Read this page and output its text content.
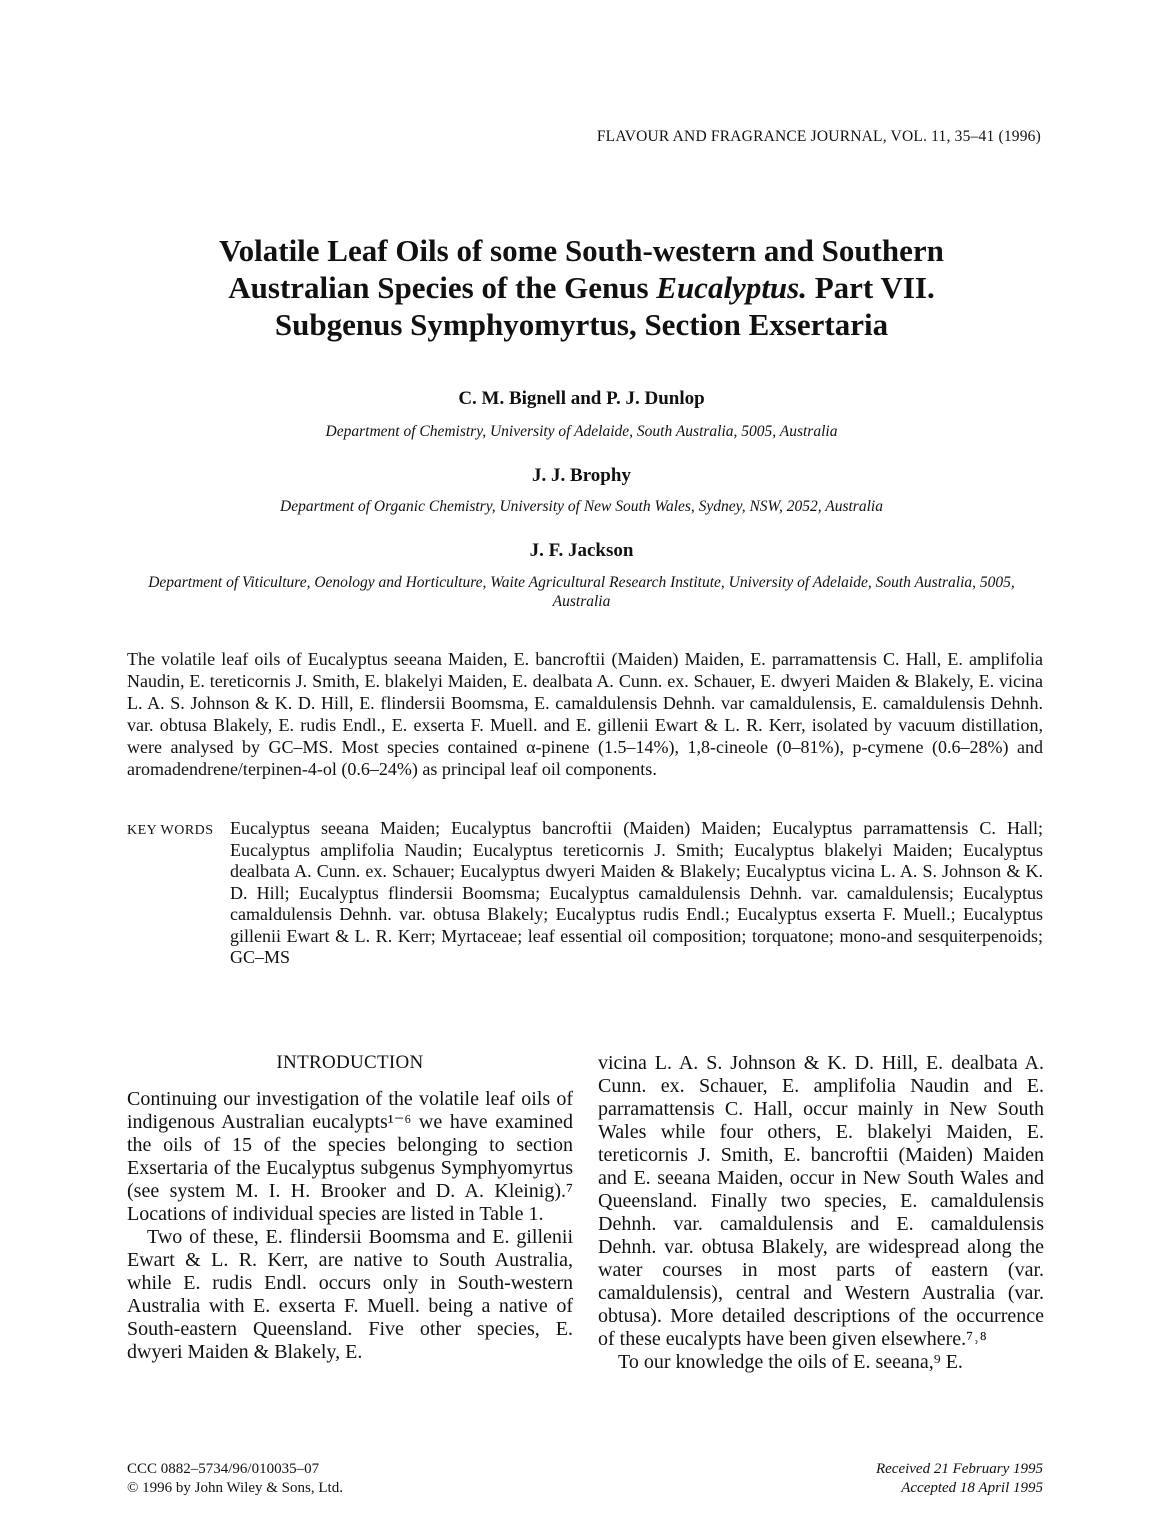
FLAVOUR AND FRAGRANCE JOURNAL, VOL. 11, 35–41 (1996)
Volatile Leaf Oils of some South-western and Southern
Australian Species of the Genus Eucalyptus. Part VII.
Subgenus Symphyomyrtus, Section Exsertaria

C. M. Bignell and P. J. Dunlop

Department of Chemistry, University of Adelaide, South Australia, 5005, Australia

J. J. Brophy

Department of Organic Chemistry, University of New South Wales, Sydney, NSW, 2052, Australia

J. F. Jackson

Department of Viticulture, Oenology and Horticulture, Waite Agricultural Research Institute, University of Adelaide, South Australia, 5005, Australia

The volatile leaf oils of Eucalyptus seeana Maiden, E. bancroftii (Maiden) Maiden, E. parramattensis C. Hall, E. amplifolia Naudin, E. tereticornis J. Smith, E. blakelyi Maiden, E. dealbata A. Cunn. ex. Schauer, E. dwyeri Maiden & Blakely, E. vicina L. A. S. Johnson & K. D. Hill, E. flindersii Boomsma, E. camaldulensis Dehnh. var camaldulensis, E. camaldulensis Dehnh. var. obtusa Blakely, E. rudis Endl., E. exserta F. Muell. and E. gillenii Ewart & L. R. Kerr, isolated by vacuum distillation, were analysed by GC–MS. Most species contained α-pinene (1.5–14%), 1,8-cineole (0–81%), p-cymene (0.6–28%) and aromadendrene/terpinen-4-ol (0.6–24%) as principal leaf oil components.

KEY WORDS Eucalyptus seeana Maiden; Eucalyptus bancroftii (Maiden) Maiden; Eucalyptus parramattensis C. Hall; Eucalyptus amplifolia Naudin; Eucalyptus tereticornis J. Smith; Eucalyptus blakelyi Maiden; Eucalyptus dealbata A. Cunn. ex. Schauer; Eucalyptus dwyeri Maiden & Blakely; Eucalyptus vicina L. A. S. Johnson & K. D. Hill; Eucalyptus flindersii Boomsma; Eucalyptus camaldulensis Dehnh. var. camaldulensis; Eucalyptus camaldulensis Dehnh. var. obtusa Blakely; Eucalyptus rudis Endl.; Eucalyptus exserta F. Muell.; Eucalyptus gillenii Ewart & L. R. Kerr; Myrtaceae; leaf essential oil composition; torquatone; mono-and sesquiterpenoids; GC–MS
INTRODUCTION

Continuing our investigation of the volatile leaf oils of indigenous Australian eucalypts¹⁻⁶ we have examined the oils of 15 of the species belonging to section Exsertaria of the Eucalyptus subgenus Symphyomyrtus (see system M. I. H. Brooker and D. A. Kleinig).⁷ Locations of individual species are listed in Table 1.

Two of these, E. flindersii Boomsma and E. gillenii Ewart & L. R. Kerr, are native to South Australia, while E. rudis Endl. occurs only in South-western Australia with E. exserta F. Muell. being a native of South-eastern Queensland. Five other species, E. dwyeri Maiden & Blakely, E.

vicina L. A. S. Johnson & K. D. Hill, E. dealbata A. Cunn. ex. Schauer, E. amplifolia Naudin and E. parramattensis C. Hall, occur mainly in New South Wales while four others, E. blakelyi Maiden, E. tereticornis J. Smith, E. bancroftii (Maiden) Maiden and E. seeana Maiden, occur in New South Wales and Queensland. Finally two species, E. camaldulensis Dehnh. var. camaldulensis and E. camaldulensis Dehnh. var. obtusa Blakely, are widespread along the water courses in most parts of eastern (var. camaldulensis), central and Western Australia (var. obtusa). More detailed descriptions of the occurrence of these eucalypts have been given elsewhere.⁷˒⁸

To our knowledge the oils of E. seeana,⁹ E.

CCC 0882–5734/96/010035–07
© 1996 by John Wiley & Sons, Ltd.
Received 21 February 1995
Accepted 18 April 1995
